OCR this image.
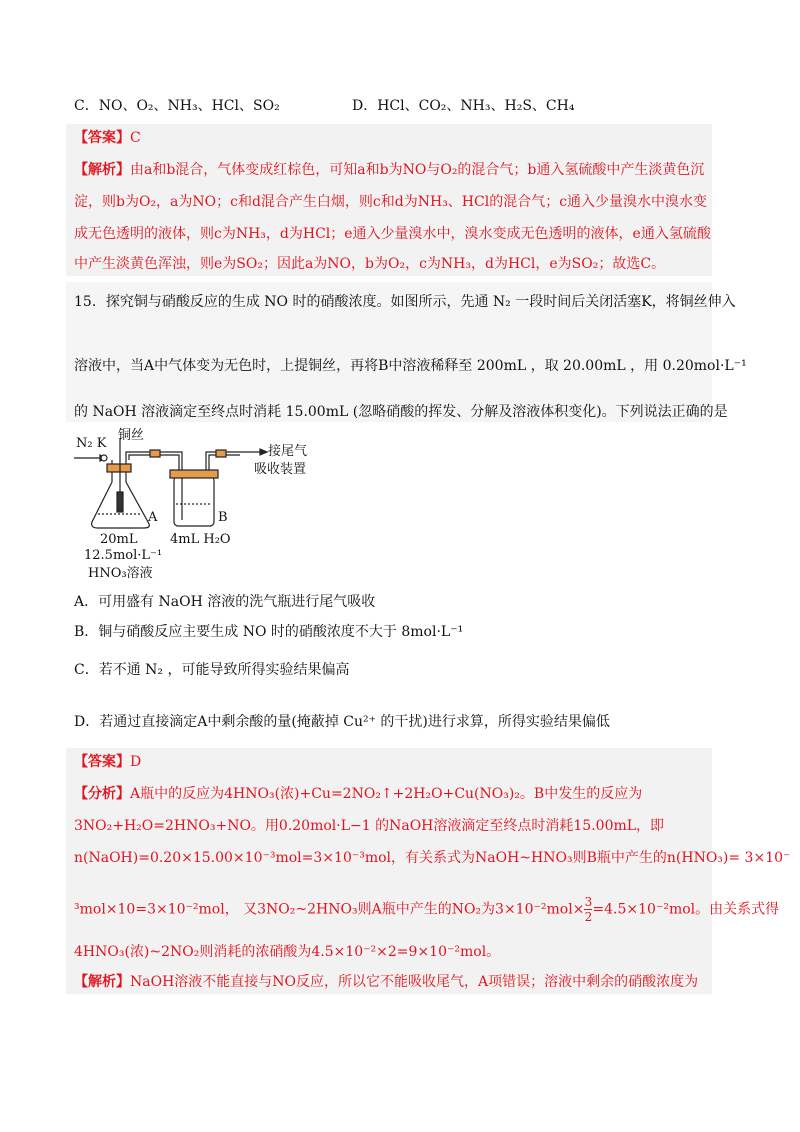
C．NO、O₂、NH₃、HCl、SO₂	D．HCl、CO₂、NH₃、H₂S、CH₄
【答案】C
【解析】由a和b混合，气体变成红棕色，可知a和b为NO与O₂的混合气；b通入氢硫酸中产生淡黄色沉
淀，则b为O₂，a为NO；c和d混合产生白烟，则c和d为NH₃、HCl的混合气；c通入少量溴水中溴水变
成无色透明的液体，则c为NH₃，d为HCl；e通入少量溴水中，溴水变成无色透明的液体，e通入氢硫酸
中产生淡黄色浑浊，则e为SO₂；因此a为NO，b为O₂，c为NH₃，d为HCl，e为SO₂；故选C。
15．探究铜与硝酸反应的生成 NO 时的硝酸浓度。如图所示，先通 N₂ 一段时间后关闭活塞K，将铜丝伸入
溶液中，当A中气体变为无色时，上提铜丝，再将B中溶液稀释至 200mL ，取 20.00mL ，用 0.20mol·L⁻¹
的 NaOH 溶液滴定至终点时消耗 15.00mL (忽略硝酸的挥发、分解及溶液体积变化)。下列说法正确的是
N₂ K
铜丝
接尾气
吸收装置
A	B
20mL 4mL H₂O
12.5mol·L⁻¹
HNO₃溶液
A．可用盛有 NaOH 溶液的洗气瓶进行尾气吸收
B．铜与硝酸反应主要生成 NO 时的硝酸浓度不大于 8mol·L⁻¹
C．若不通 N₂ ，可能导致所得实验结果偏高
D．若通过直接滴定A中剩余酸的量(掩蔽掉 Cu²⁺ 的干扰)进行求算，所得实验结果偏低
【答案】D
【分析】A瓶中的反应为4HNO₃(浓)+Cu=2NO₂↑+2H₂O+Cu(NO₃)₂。B中发生的反应为
3NO₂+H₂O=2HNO₃+NO。用0.20mol·L−1 的NaOH溶液滴定至终点时消耗15.00mL，即
n(NaOH)=0.20×15.00×10⁻³mol=3×10⁻³mol，有关系式为NaOH~HNO₃则B瓶中产生的n(HNO₃)= 3×10⁻
³mol×10=3×10⁻²mol， 又3NO₂~2HNO₃则A瓶中产生的NO₂为$3\times 10^{-2}mol\times \frac{3}{2} =4.5\times 10^{-2}mol$。由关系式得
4HNO₃(浓)~2NO₂则消耗的浓硝酸为4.5×10⁻²×2=9×10⁻²mol。
【解析】NaOH溶液不能直接与NO反应，所以它不能吸收尾气，A项错误；溶液中剩余的硝酸浓度为
